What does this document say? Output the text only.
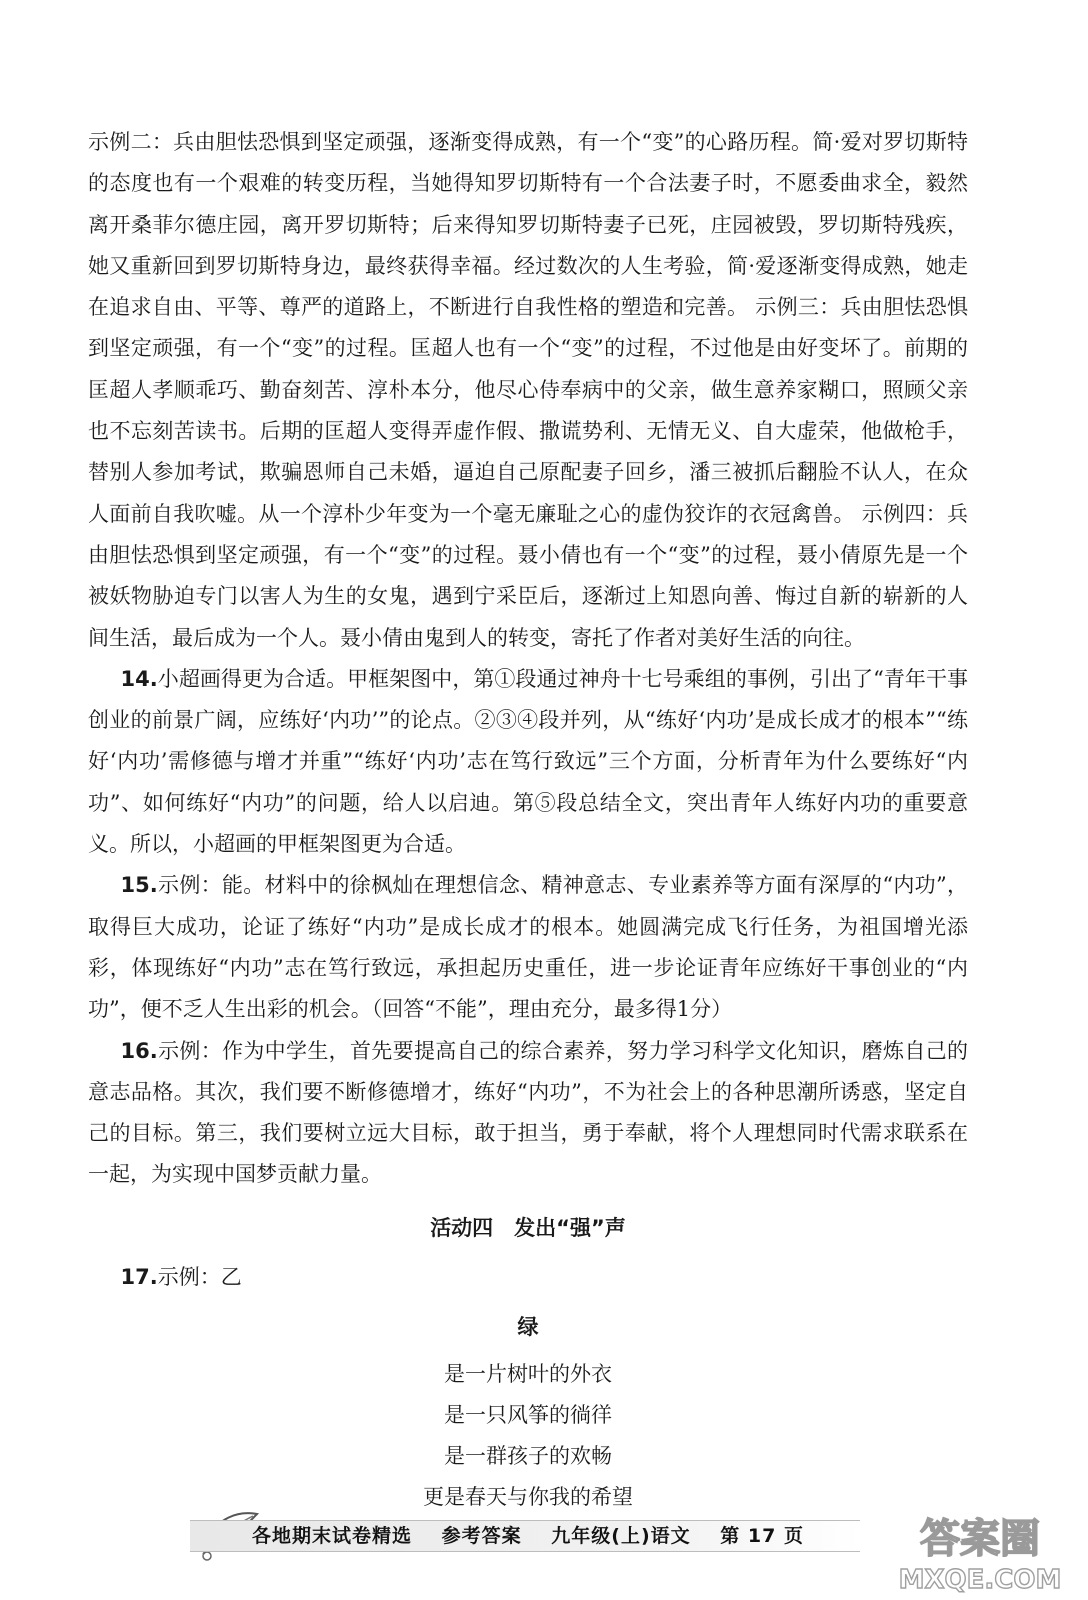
示例二：兵由胆怯恐惧到坚定顽强，逐渐变得成熟，有一个“变”的心路历程。简·爱对罗切斯特的态度也有一个艰难的转变历程，当她得知罗切斯特有一个合法妻子时，不愿委曲求全，毅然离开桑菲尔德庄园，离开罗切斯特；后来得知罗切斯特妻子已死，庄园被毁，罗切斯特残疾，她又重新回到罗切斯特身边，最终获得幸福。经过数次的人生考验，简·爱逐渐变得成熟，她走在追求自由、平等、尊严的道路上，不断进行自我性格的塑造和完善。 示例三：兵由胆怯恐惧到坚定顽强，有一个“变”的过程。匡超人也有一个“变”的过程，不过他是由好变坏了。前期的匡超人孝顺乖巧、勤奋刻苦、淳朴本分，他尽心侍奉病中的父亲，做生意养家糊口，照顾父亲也不忘刻苦读书。后期的匡超人变得弄虚作假、撒谎势利、无情无义、自大虚荣，他做枪手，替别人参加考试，欺骗恩师自己未婚，逼迫自己原配妻子回乡，潘三被抓后翻脸不认人，在众人面前自我吹嘘。从一个淳朴少年变为一个毫无廉耻之心的虚伪狡诈的衣冠禽兽。 示例四：兵由胆怯恐惧到坚定顽强，有一个“变”的过程。聂小倩也有一个“变”的过程，聂小倩原先是一个被妖物胁迫专门以害人为生的女鬼，遇到宁采臣后，逐渐过上知恩向善、悔过自新的崭新的人间生活，最后成为一个人。聂小倩由鬼到人的转变，寄托了作者对美好生活的向往。

14.小超画得更为合适。甲框架图中，第①段通过神舟十七号乘组的事例，引出了“青年干事创业的前景广阔，应练好‘内功’”的论点。②③④段并列，从“练好‘内功’是成长成才的根本”“练好‘内功’需修德与增才并重”“练好‘内功’志在笃行致远”三个方面，分析青年为什么要练好“内功”、如何练好“内功”的问题，给人以启迪。第⑤段总结全文，突出青年人练好内功的重要意义。所以，小超画的甲框架图更为合适。

15.示例：能。材料中的徐枫灿在理想信念、精神意志、专业素养等方面有深厚的“内功”，取得巨大成功，论证了练好“内功”是成长成才的根本。她圆满完成飞行任务，为祖国增光添彩，体现练好“内功”志在笃行致远，承担起历史重任，进一步论证青年应练好干事创业的“内功”，便不乏人生出彩的机会。（回答“不能”，理由充分，最多得1分）

16.示例：作为中学生，首先要提高自己的综合素养，努力学习科学文化知识，磨炼自己的意志品格。其次，我们要不断修德增才，练好“内功”，不为社会上的各种思潮所诱惑，坚定自己的目标。第三，我们要树立远大目标，敢于担当，勇于奉献，将个人理想同时代需求联系在一起，为实现中国梦贡献力量。

活动四　发出“强”声

17.示例：乙

绿
是一片树叶的外衣
是一只风筝的徜徉
是一群孩子的欢畅
更是春天与你我的希望
各地期末试卷精选 参考答案 九年级(上)语文 第 17 页	答案圈
MXQE.COM
